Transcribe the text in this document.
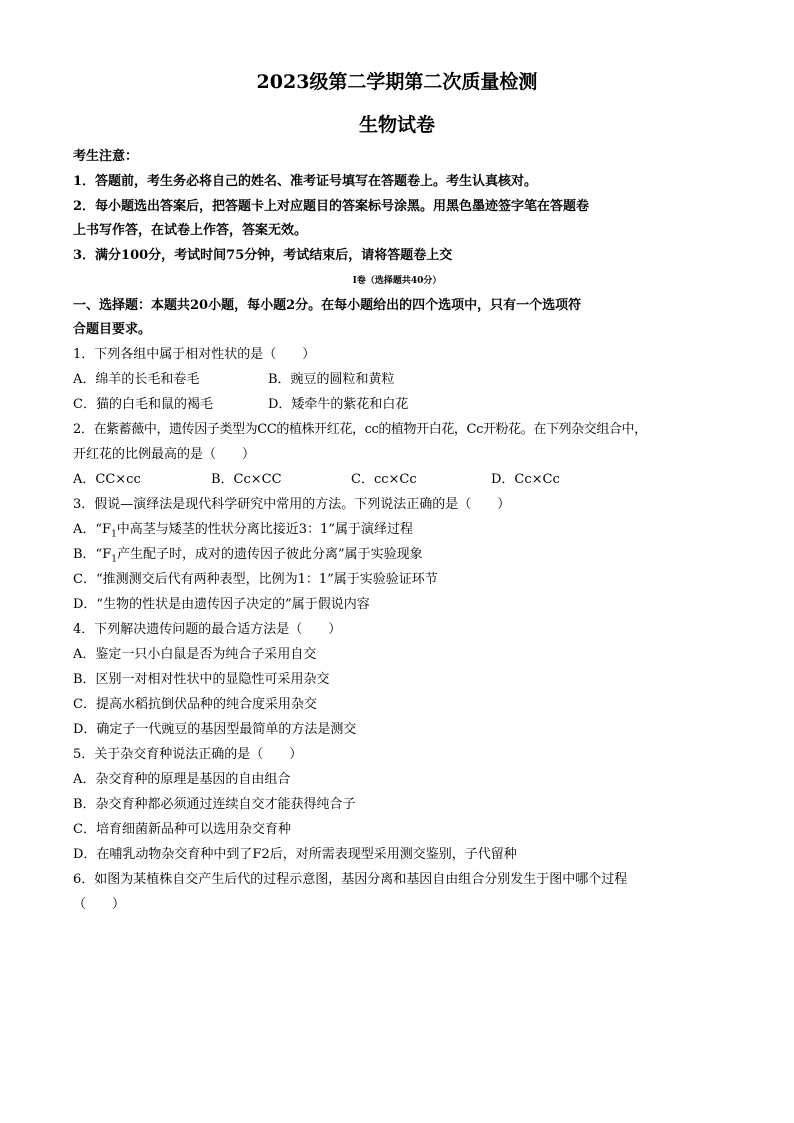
2023级第二学期第二次质量检测
生物试卷
考生注意：
1．答题前，考生务必将自己的姓名、准考证号填写在答题卷上。考生认真核对。
2．每小题选出答案后，把答题卡上对应题目的答案标号涂黑。用黑色墨迹签字笔在答题卷
上书写作答，在试卷上作答，答案无效。
3．满分100分，考试时间75分钟，考试结束后，请将答题卷上交
Ⅰ卷（选择题共40分）
一、选择题：本题共20小题，每小题2分。在每小题给出的四个选项中，只有一个选项符
合题目要求。
1．下列各组中属于相对性状的是（　　）
A．绵羊的长毛和卷毛	B．豌豆的圆粒和黄粒
C．猫的白毛和鼠的褐毛	D．矮牵牛的紫花和白花
2．在紫蓄薇中，遗传因子类型为CC的植株开红花，cc的植物开白花，Cc开粉花。在下列杂交组合中，
开红花的比例最高的是（　　）
A．CC×cc	B．Cc×CC	C．cc×Cc	D．Cc×Cc
3．假说—演绎法是现代科学研究中常用的方法。下列说法正确的是（　　）
A．“$F_1$中高茎与矮茎的性状分离比接近3：1”属于演绎过程
B．“$F_1$产生配子时，成对的遗传因子彼此分离”属于实验现象
C．“推测测交后代有两种表型，比例为1：1”属于实验验证环节
D．“生物的性状是由遗传因子决定的”属于假说内容
4．下列解决遗传问题的最合适方法是（　　）
A．鉴定一只小白鼠是否为纯合子采用自交
B．区别一对相对性状中的显隐性可采用杂交
C．提高水稻抗倒伏品种的纯合度采用杂交
D．确定子一代豌豆的基因型最简单的方法是测交
5．关于杂交育种说法正确的是（　　）
A．杂交育种的原理是基因的自由组合
B．杂交育种都必须通过连续自交才能获得纯合子
C．培育细菌新品种可以选用杂交育种
D．在哺乳动物杂交育种中到了F2后，对所需表现型采用测交鉴别，子代留种
6．如图为某植株自交产生后代的过程示意图，基因分离和基因自由组合分别发生于图中哪个过程
（　　）
